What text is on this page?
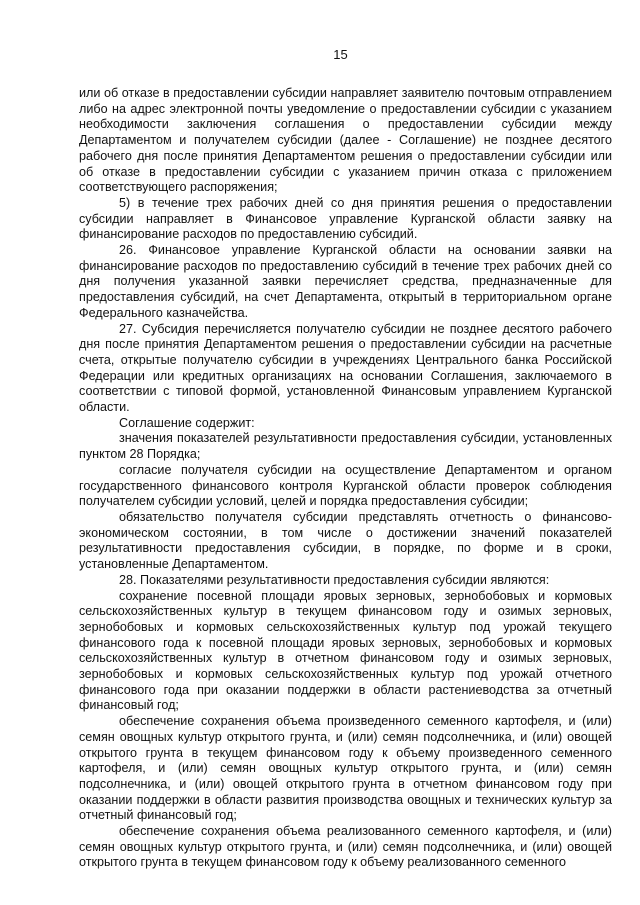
15

или об отказе в предоставлении субсидии направляет заявителю почтовым отправлением либо на адрес электронной почты уведомление о предоставлении субсидии с указанием необходимости заключения соглашения о предоставлении субсидии между Департаментом и получателем субсидии (далее - Соглашение) не позднее десятого рабочего дня после принятия Департаментом решения о предоставлении субсидии или об отказе в предоставлении субсидии с указанием причин отказа с приложением соответствующего распоряжения;

5) в течение трех рабочих дней со дня принятия решения о предоставлении субсидии направляет в Финансовое управление Курганской области заявку на финансирование расходов по предоставлению субсидий.

26. Финансовое управление Курганской области на основании заявки на финансирование расходов по предоставлению субсидий в течение трех рабочих дней со дня получения указанной заявки перечисляет средства, предназначенные для предоставления субсидий, на счет Департамента, открытый в территориальном органе Федерального казначейства.

27. Субсидия перечисляется получателю субсидии не позднее десятого рабочего дня после принятия Департаментом решения о предоставлении субсидии на расчетные счета, открытые получателю субсидии в учреждениях Центрального банка Российской Федерации или кредитных организациях на основании Соглашения, заключаемого в соответствии с типовой формой, установленной Финансовым управлением Курганской области.

Соглашение содержит:

значения показателей результативности предоставления субсидии, установленных пунктом 28 Порядка;

согласие получателя субсидии на осуществление Департаментом и органом государственного финансового контроля Курганской области проверок соблюдения получателем субсидии условий, целей и порядка предоставления субсидии;

обязательство получателя субсидии представлять отчетность о финансово-экономическом состоянии, в том числе о достижении значений показателей результативности предоставления субсидии, в порядке, по форме и в сроки, установленные Департаментом.

28. Показателями результативности предоставления субсидии являются:

сохранение посевной площади яровых зерновых, зернобобовых и кормовых сельскохозяйственных культур в текущем финансовом году и озимых зерновых, зернобобовых и кормовых сельскохозяйственных культур под урожай текущего финансового года к посевной площади яровых зерновых, зернобобовых и кормовых сельскохозяйственных культур в отчетном финансовом году и озимых зерновых, зернобобовых и кормовых сельскохозяйственных культур под урожай отчетного финансового года при оказании поддержки в области растениеводства за отчетный финансовый год;

обеспечение сохранения объема произведенного семенного картофеля, и (или) семян овощных культур открытого грунта, и (или) семян подсолнечника, и (или) овощей открытого грунта в текущем финансовом году к объему произведенного семенного картофеля, и (или) семян овощных культур открытого грунта, и (или) семян подсолнечника, и (или) овощей открытого грунта в отчетном финансовом году при оказании поддержки в области развития производства овощных и технических культур за отчетный финансовый год;

обеспечение сохранения объема реализованного семенного картофеля, и (или) семян овощных культур открытого грунта, и (или) семян подсолнечника, и (или) овощей открытого грунта в текущем финансовом году к объему реализованного семенного
